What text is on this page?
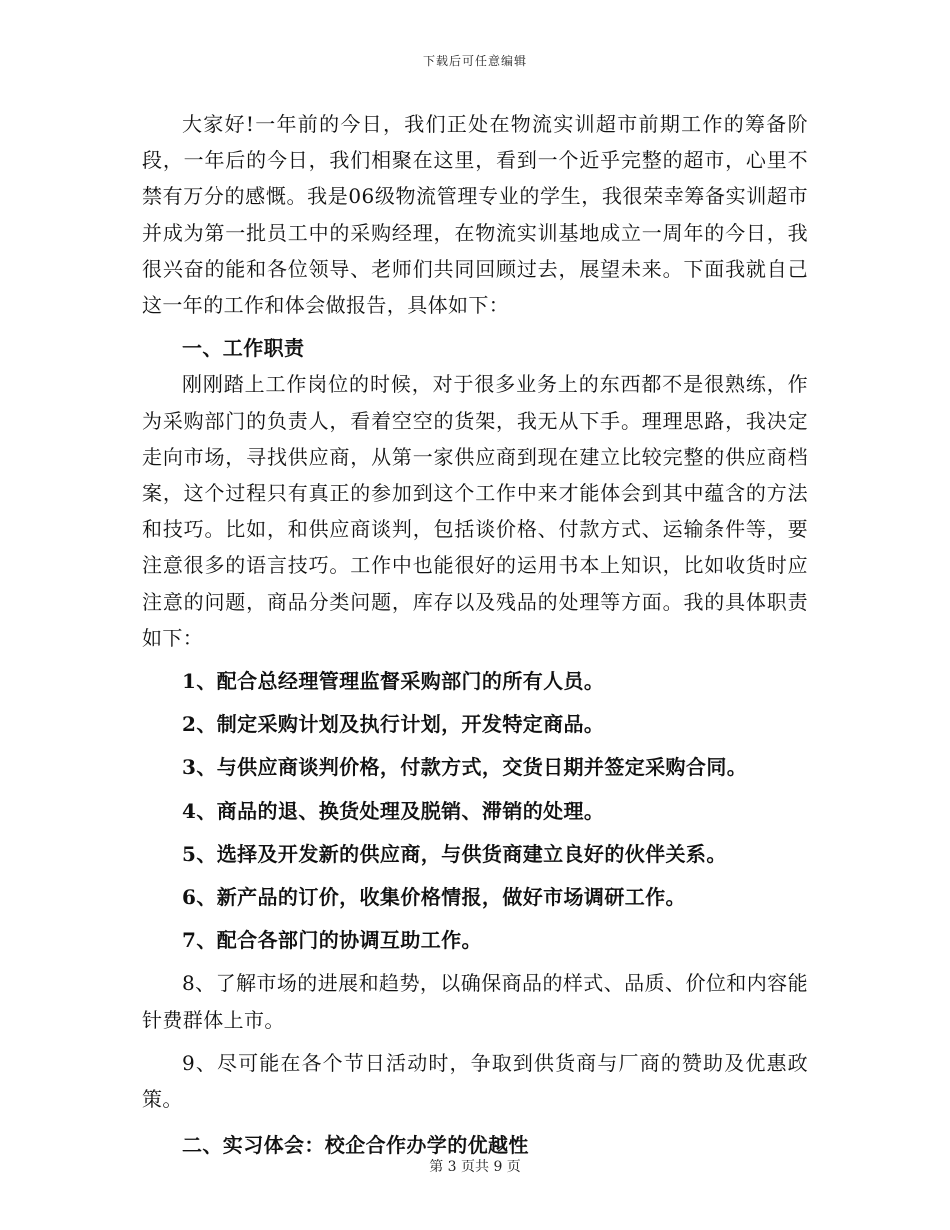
下载后可任意编辑

大家好!一年前的今日，我们正处在物流实训超市前期工作的筹备阶段，一年后的今日，我们相聚在这里，看到一个近乎完整的超市，心里不禁有万分的感慨。我是06级物流管理专业的学生，我很荣幸筹备实训超市并成为第一批员工中的采购经理，在物流实训基地成立一周年的今日，我很兴奋的能和各位领导、老师们共同回顾过去，展望未来。下面我就自己这一年的工作和体会做报告，具体如下：

一、工作职责

刚刚踏上工作岗位的时候，对于很多业务上的东西都不是很熟练，作为采购部门的负责人，看着空空的货架，我无从下手。理理思路，我决定走向市场，寻找供应商，从第一家供应商到现在建立比较完整的供应商档案，这个过程只有真正的参加到这个工作中来才能体会到其中蕴含的方法和技巧。比如，和供应商谈判，包括谈价格、付款方式、运输条件等，要注意很多的语言技巧。工作中也能很好的运用书本上知识，比如收货时应注意的问题，商品分类问题，库存以及残品的处理等方面。我的具体职责如下：

1、配合总经理管理监督采购部门的所有人员。

2、制定采购计划及执行计划，开发特定商品。

3、与供应商谈判价格，付款方式，交货日期并签定采购合同。

4、商品的退、换货处理及脱销、滞销的处理。

5、选择及开发新的供应商，与供货商建立良好的伙伴关系。

6、新产品的订价，收集价格情报，做好市场调研工作。

7、配合各部门的协调互助工作。

8、了解市场的进展和趋势，以确保商品的样式、品质、价位和内容能针费群体上市。

9、尽可能在各个节日活动时，争取到供货商与厂商的赞助及优惠政策。

二、实习体会：校企合作办学的优越性

第 3 页共 9 页
